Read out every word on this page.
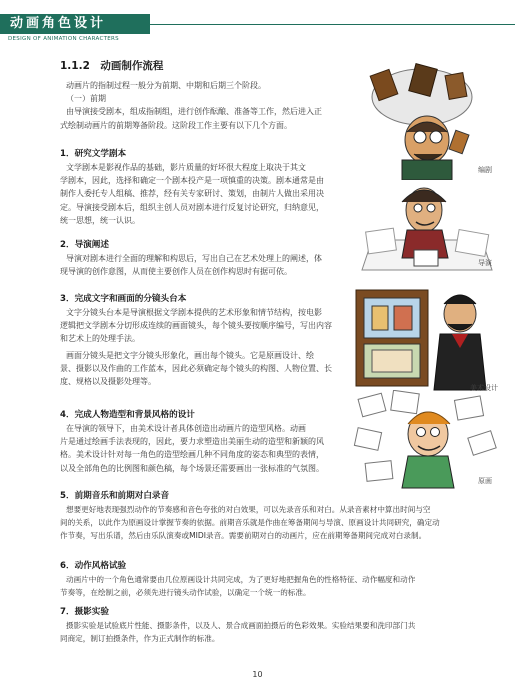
动画角色设计
DESIGN OF ANIMATION CHARACTERS
1.1.2　动画制作流程

动画片的指制过程一般分为前期、中期和后期三个阶段。

（一）前期

由导演接受剧本，组成指制组，进行创作酝酿、准备等工作，然后进入正

式绘制动画片的前期筹备阶段。这阶段工作主要有以下几个方面。

1．研究文学剧本

文学剧本是影视作品的基础，影片质量的好坏很大程度上取决于其文

学剧本，因此，选择和确定一个剧本投产是一项慎重的决策。剧本通常是由

制作人委托专人组稿、推荐，经有关专家研讨、策划，由制片人做出采用决

定。导演接受剧本后，组织主创人员对剧本进行反复讨论研究，归纳意见，

统一思想，统一认识。

2．导演阐述

导演对剧本进行全面的理解和构思后，写出自己在艺术处理上的阐述，体

现导演的创作意图，从而使主要创作人员在创作构思时有据可依。

3．完成文字和画面的分镜头台本

文字分镜头台本是导演根据文学剧本提供的艺术形象和情节结构，按电影

逻辑把文学剧本分切形成连续的画面镜头，每个镜头要按顺序编号，写出内容

和艺术上的处理手法。

画面分镜头是把文字分镜头形象化，画出每个镜头。它是原画设计、绘

景、摄影以及作曲的工作蓝本，因此必须确定每个镜头的构图、人物位置、长

度、规格以及摄影处理等。

4．完成人物造型和背景风格的设计

在导演的领导下，由美术设计者具体创造出动画片的造型风格。动画

片是通过绘画手法表现的，因此，要力求塑造出美丽生动的造型和新颖的风

格。美术设计针对每一角色的造型绘画几种不同角度的姿态和典型的表情，

以及全部角色的比例图和颜色稿，每个场景还需要画出一张标准的气氛图。

5．前期音乐和前期对白录音

想要更好地表现强烈动作的节奏感和音色夸张的对白效果，可以先录音乐和对白。从录音素材中算出时间与空

间的关系，以此作为原画设计掌握节奏的依据。前期音乐就是作曲在筹备期间与导演、原画设计共同研究，确定动

作节奏，写出乐谱，然后由乐队演奏或MIDI录音。需要前期对白的动画片，应在前期筹备期间完成对白录制。

6．动作风格试验

动画片中的一个角色通常要由几位原画设计共同完成，为了更好地把握角色的性格特征、动作幅度和动作

节奏等，在绘制之前，必须先进行镜头动作试验，以确定一个统一的标准。

7．摄影实验

摄影实验是试验底片性能、摄影条件，以及人、景合成画面拍摄后的色彩效果。实验结果要和洗印部门共

同商定，制订拍摄条件，作为正式制作的标准。

编剧
导演
美术设计
原画
10
